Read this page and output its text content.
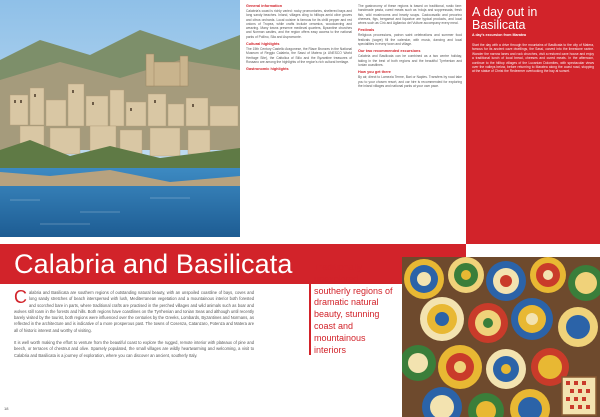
General information

Calabria's coast is richly varied: rocky promontories, sheltered bays and long sandy beaches. Inland, villages cling to hilltops amid olive groves and citrus orchards. Local cuisine is famous for its chilli pepper and red onions of Tropea, while crafts include ceramics, woodcarving and weaving. Many towns preserve medieval quarters, Byzantine churches and Norman castles, and the region offers easy access to the national parks of Pollino, Sila and Aspromonte.

Cultural highlights

The 15th Century Castello Aragonese, the Riace Bronzes in the National Museum of Reggio Calabria, the Sassi of Matera (a UNESCO World Heritage Site), the Cattolica of Stilo and the Byzantine treasures of Rossano are among the highlights of the region's rich cultural heritage.

Gastronomic highlights

The gastronomy of these regions is based on traditional, rustic fare: handmade pasta, cured meats such as 'nduja and soppressata, fresh fish, wild mushrooms and hearty soups. Caciocavallo and pecorino cheeses, figs, bergamot and liquorice are typical products, and local wines such as Cirò and Aglianico del Vulture accompany every meal.

Festivals

Religious processions, patron saint celebrations and summer food festivals (sagre) fill the calendar, with music, dancing and local specialities in every town and village.

Our two recommended excursions

Calabria and Basilicata can be combined as a two centre holiday, taking in the best of both regions and the beautiful Tyrrhenian and Ionian coastlines.

How you get there

By air, direct to Lamezia Terme, Bari or Naples. Transfers by road take you to your chosen resort, and car hire is recommended for exploring the inland villages and national parks at your own pace.

A day out in Basilicata
A day's excursion from Maratea

Start the day with a drive through the mountains of Basilicata to the city of Matera, famous for its ancient cave dwellings, the Sassi, carved into the limestone ravine. Wander the narrow lanes and rock churches, visit a restored cave house and enjoy a traditional lunch of local bread, cheeses and cured meats. In the afternoon, continue to the hilltop villages of the Lucanian Dolomites, with spectacular views over the valleys below, before returning to Maratea along the coast road, stopping at the statue of Christ the Redeemer overlooking the bay at sunset.

Calabria and Basilicata

Calabria and Basilicata are southern regions of outstanding natural beauty, with an unspoiled coastline of bays, coves and long sandy stretches of beach interspersed with lush, Mediterranean vegetation and a mountainous interior both forested and scorched bare in parts, where traditional crafts are practised in the perched villages and wild animals such as boar and wolves still roam in the forests and hills. Both regions have coastlines on the Tyrrhenian and Ionian Seas and although until recently barely visited by the tourist, both regions were influenced over the centuries by the Greeks, Lombards, Byzantines and Normans, as reflected in the architecture and is indicative of a more prosperous past. The towns of Cosenza, Catanzaro, Potenza and Matera are all of historic interest and worthy of visiting.

It is well worth making the effort to venture from the beautiful coast to explore the rugged, remote interior with plateaux of pine and beech, or terraces of chestnut and olive. Sparsely populated, the small villages are wildly heartwarming and welcoming, a visit to Calabria and Basilicata is a journey of exploration, where you can discover an ancient, southerly Italy.

Traditionally unexplored southerly regions of dramatic natural beauty, stunning coast and mountainous interiors
18
